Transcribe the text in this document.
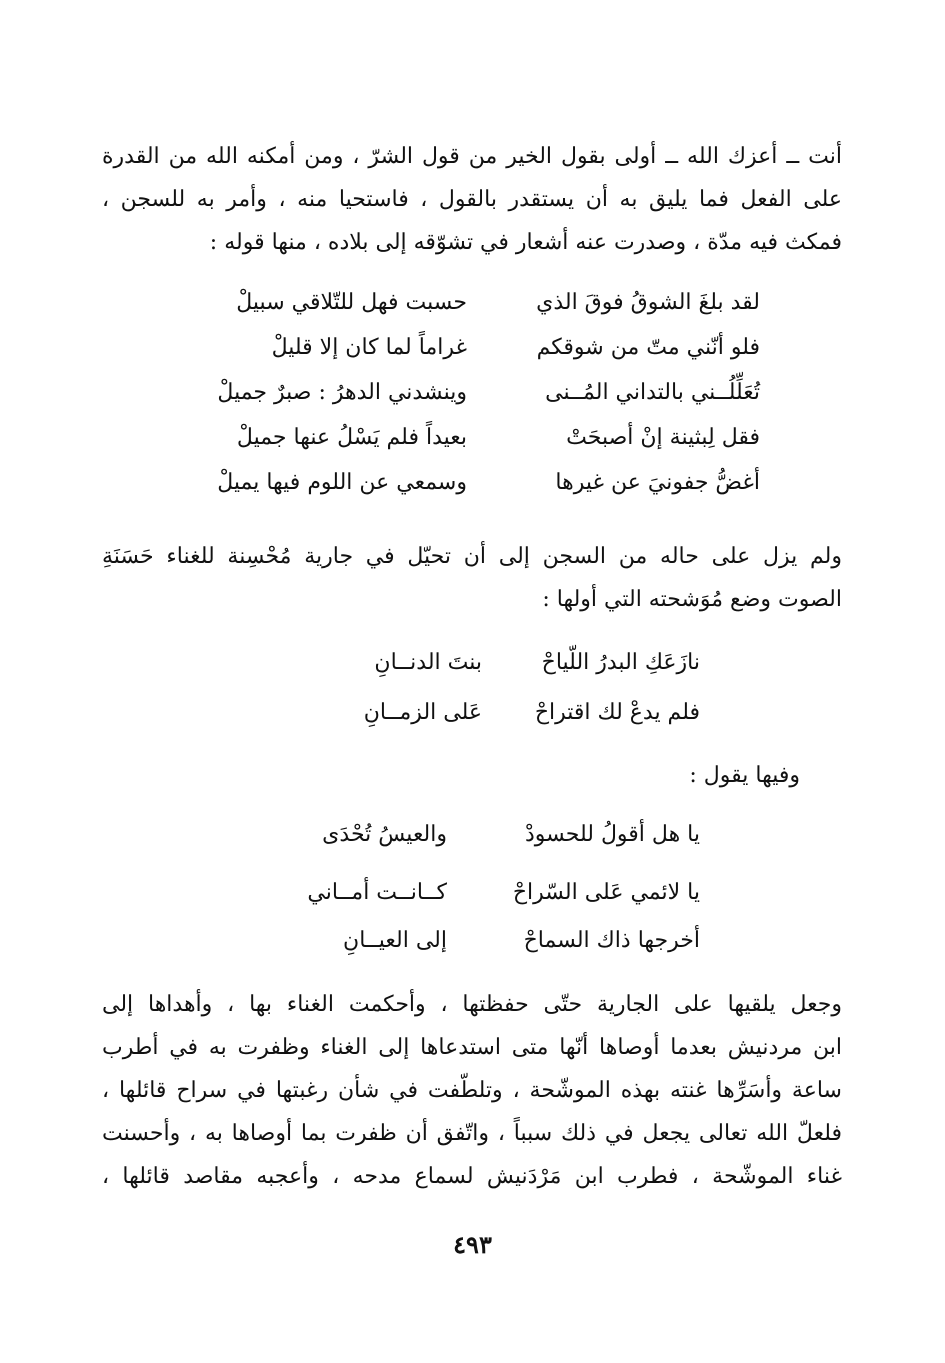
أنت ــ أعزك الله ــ أولى بقول الخير من قول الشرّ ، ومن أمكنه الله من القدرة
على الفعل فما يليق به أن يستقدر بالقول ، فاستحيا منه ، وأمر به للسجن ،
فمكث فيه مدّة ، وصدرت عنه أشعار في تشوّقه إلى بلاده ، منها قوله :
لقد بلغَ الشوقُ فوقَ الذي
حسبت فهل للتّلاقي سبيلْ
فلو أنّني متّ من شوقكم
غراماً لما كان إلا قليلْ
تُعَلِّلُــني بالتداني المُــنى
وينشدني الدهرُ : صبرٌ جميلْ
فقل لِبثينة إنْ أصبحَتْ
بعيداً فلم يَسْلُ عنها جميلْ
أغضُّ جفونيَ عن غيرها
وسمعي عن اللوم فيها يميلْ
ولم يزل على حاله من السجن إلى أن تحيّل في جارية مُحْسِنة للغناء حَسَنَةِ
الصوت وضع مُوَشحته التي أولها :
نازَعَكِ البدرُ اللّياحْ
بنتَ الدنــانِ
فلم يدعْ لك اقتراحْ
عَلى الزمــانِ
وفيها يقول :
يا هل أقولُ للحسودْ
والعيسُ تُحْدَى
يا لائمي عَلى السّراحْ
كــانــت أمــاني
أخرجها ذاك السماحْ
إلى العيــانِ
وجعل يلقيها على الجارية حتّى حفظتها ، وأحكمت الغناء بها ، وأهداها إلى
ابن مردنيش بعدما أوصاها أنّها متى استدعاها إلى الغناء وظفرت به في أطرب
ساعة وأسَرِّها غنته بهذه الموشّحة ، وتلطّفت في شأن رغبتها في سراح قائلها ،
فلعلّ الله تعالى يجعل في ذلك سبباً ، واتّفق أن ظفرت بما أوصاها به ، وأحسنت
غناء الموشّحة ، فطرب ابن مَرْدَنيش لسماع مدحه ، وأعجبه مقاصد قائلها ،
٤٩٣
